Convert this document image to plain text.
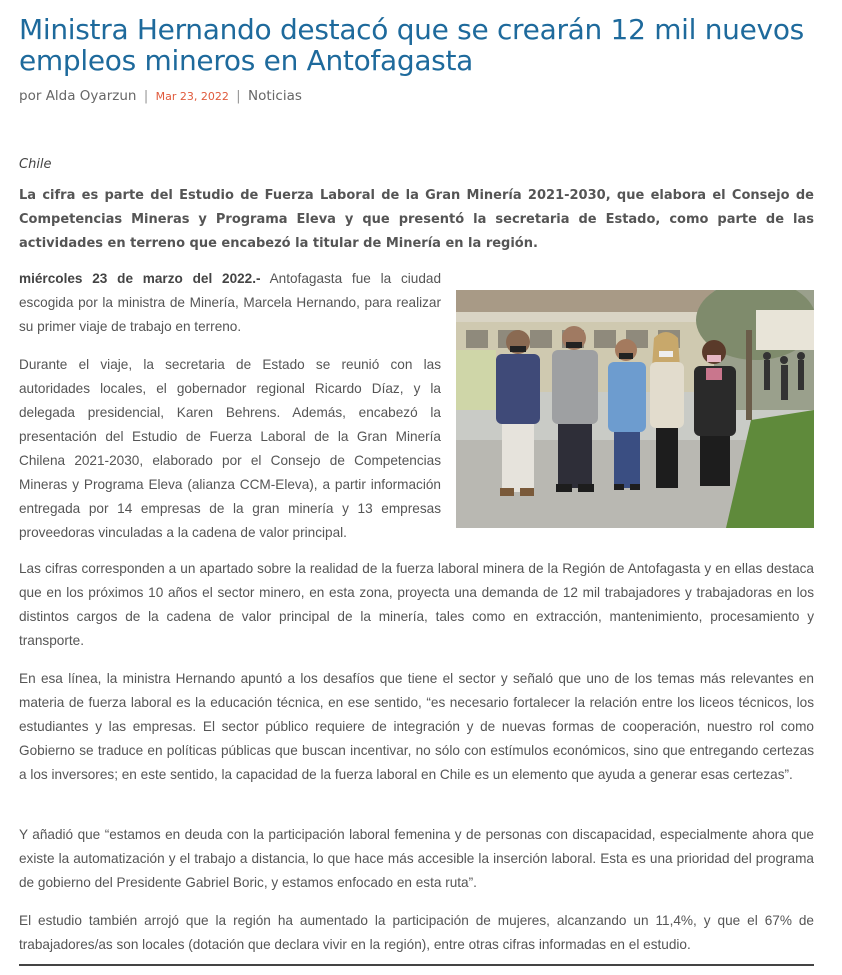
Ministra Hernando destacó que se crearán 12 mil nuevos empleos mineros en Antofagasta
por Alda Oyarzun | Mar 23, 2022 | Noticias
Chile
La cifra es parte del Estudio de Fuerza Laboral de la Gran Minería 2021-2030, que elabora el Consejo de Competencias Mineras y Programa Eleva y que presentó la secretaria de Estado, como parte de las actividades en terreno que encabezó la titular de Minería en la región.

miércoles 23 de marzo del 2022.- Antofagasta fue la ciudad escogida por la ministra de Minería, Marcela Hernando, para realizar su primer viaje de trabajo en terreno.

Durante el viaje, la secretaria de Estado se reunió con las autoridades locales, el gobernador regional Ricardo Díaz, y la delegada presidencial, Karen Behrens. Además, encabezó la presentación del Estudio de Fuerza Laboral de la Gran Minería Chilena 2021-2030, elaborado por el Consejo de Competencias Mineras y Programa Eleva (alianza CCM-Eleva), a partir información entregada por 14 empresas de la gran minería y 13 empresas proveedoras vinculadas a la cadena de valor principal.

Las cifras corresponden a un apartado sobre la realidad de la fuerza laboral minera de la Región de Antofagasta y en ellas destaca que en los próximos 10 años el sector minero, en esta zona, proyecta una demanda de 12 mil trabajadores y trabajadoras en los distintos cargos de la cadena de valor principal de la minería, tales como en extracción, mantenimiento, procesamiento y transporte.

En esa línea, la ministra Hernando apuntó a los desafíos que tiene el sector y señaló que uno de los temas más relevantes en materia de fuerza laboral es la educación técnica, en ese sentido, “es necesario fortalecer la relación entre los liceos técnicos, los estudiantes y las empresas. El sector público requiere de integración y de nuevas formas de cooperación, nuestro rol como Gobierno se traduce en políticas públicas que buscan incentivar, no sólo con estímulos económicos, sino que entregando certezas a los inversores; en este sentido, la capacidad de la fuerza laboral en Chile es un elemento que ayuda a generar esas certezas”.

Y añadió que “estamos en deuda con la participación laboral femenina y de personas con discapacidad, especialmente ahora que existe la automatización y el trabajo a distancia, lo que hace más accesible la inserción laboral. Esta es una prioridad del programa de gobierno del Presidente Gabriel Boric, y estamos enfocado en esta ruta”.

El estudio también arrojó que la región ha aumentado la participación de mujeres, alcanzando un 11,4%, y que el 67% de trabajadores/as son locales (dotación que declara vivir en la región), entre otras cifras informadas en el estudio.
